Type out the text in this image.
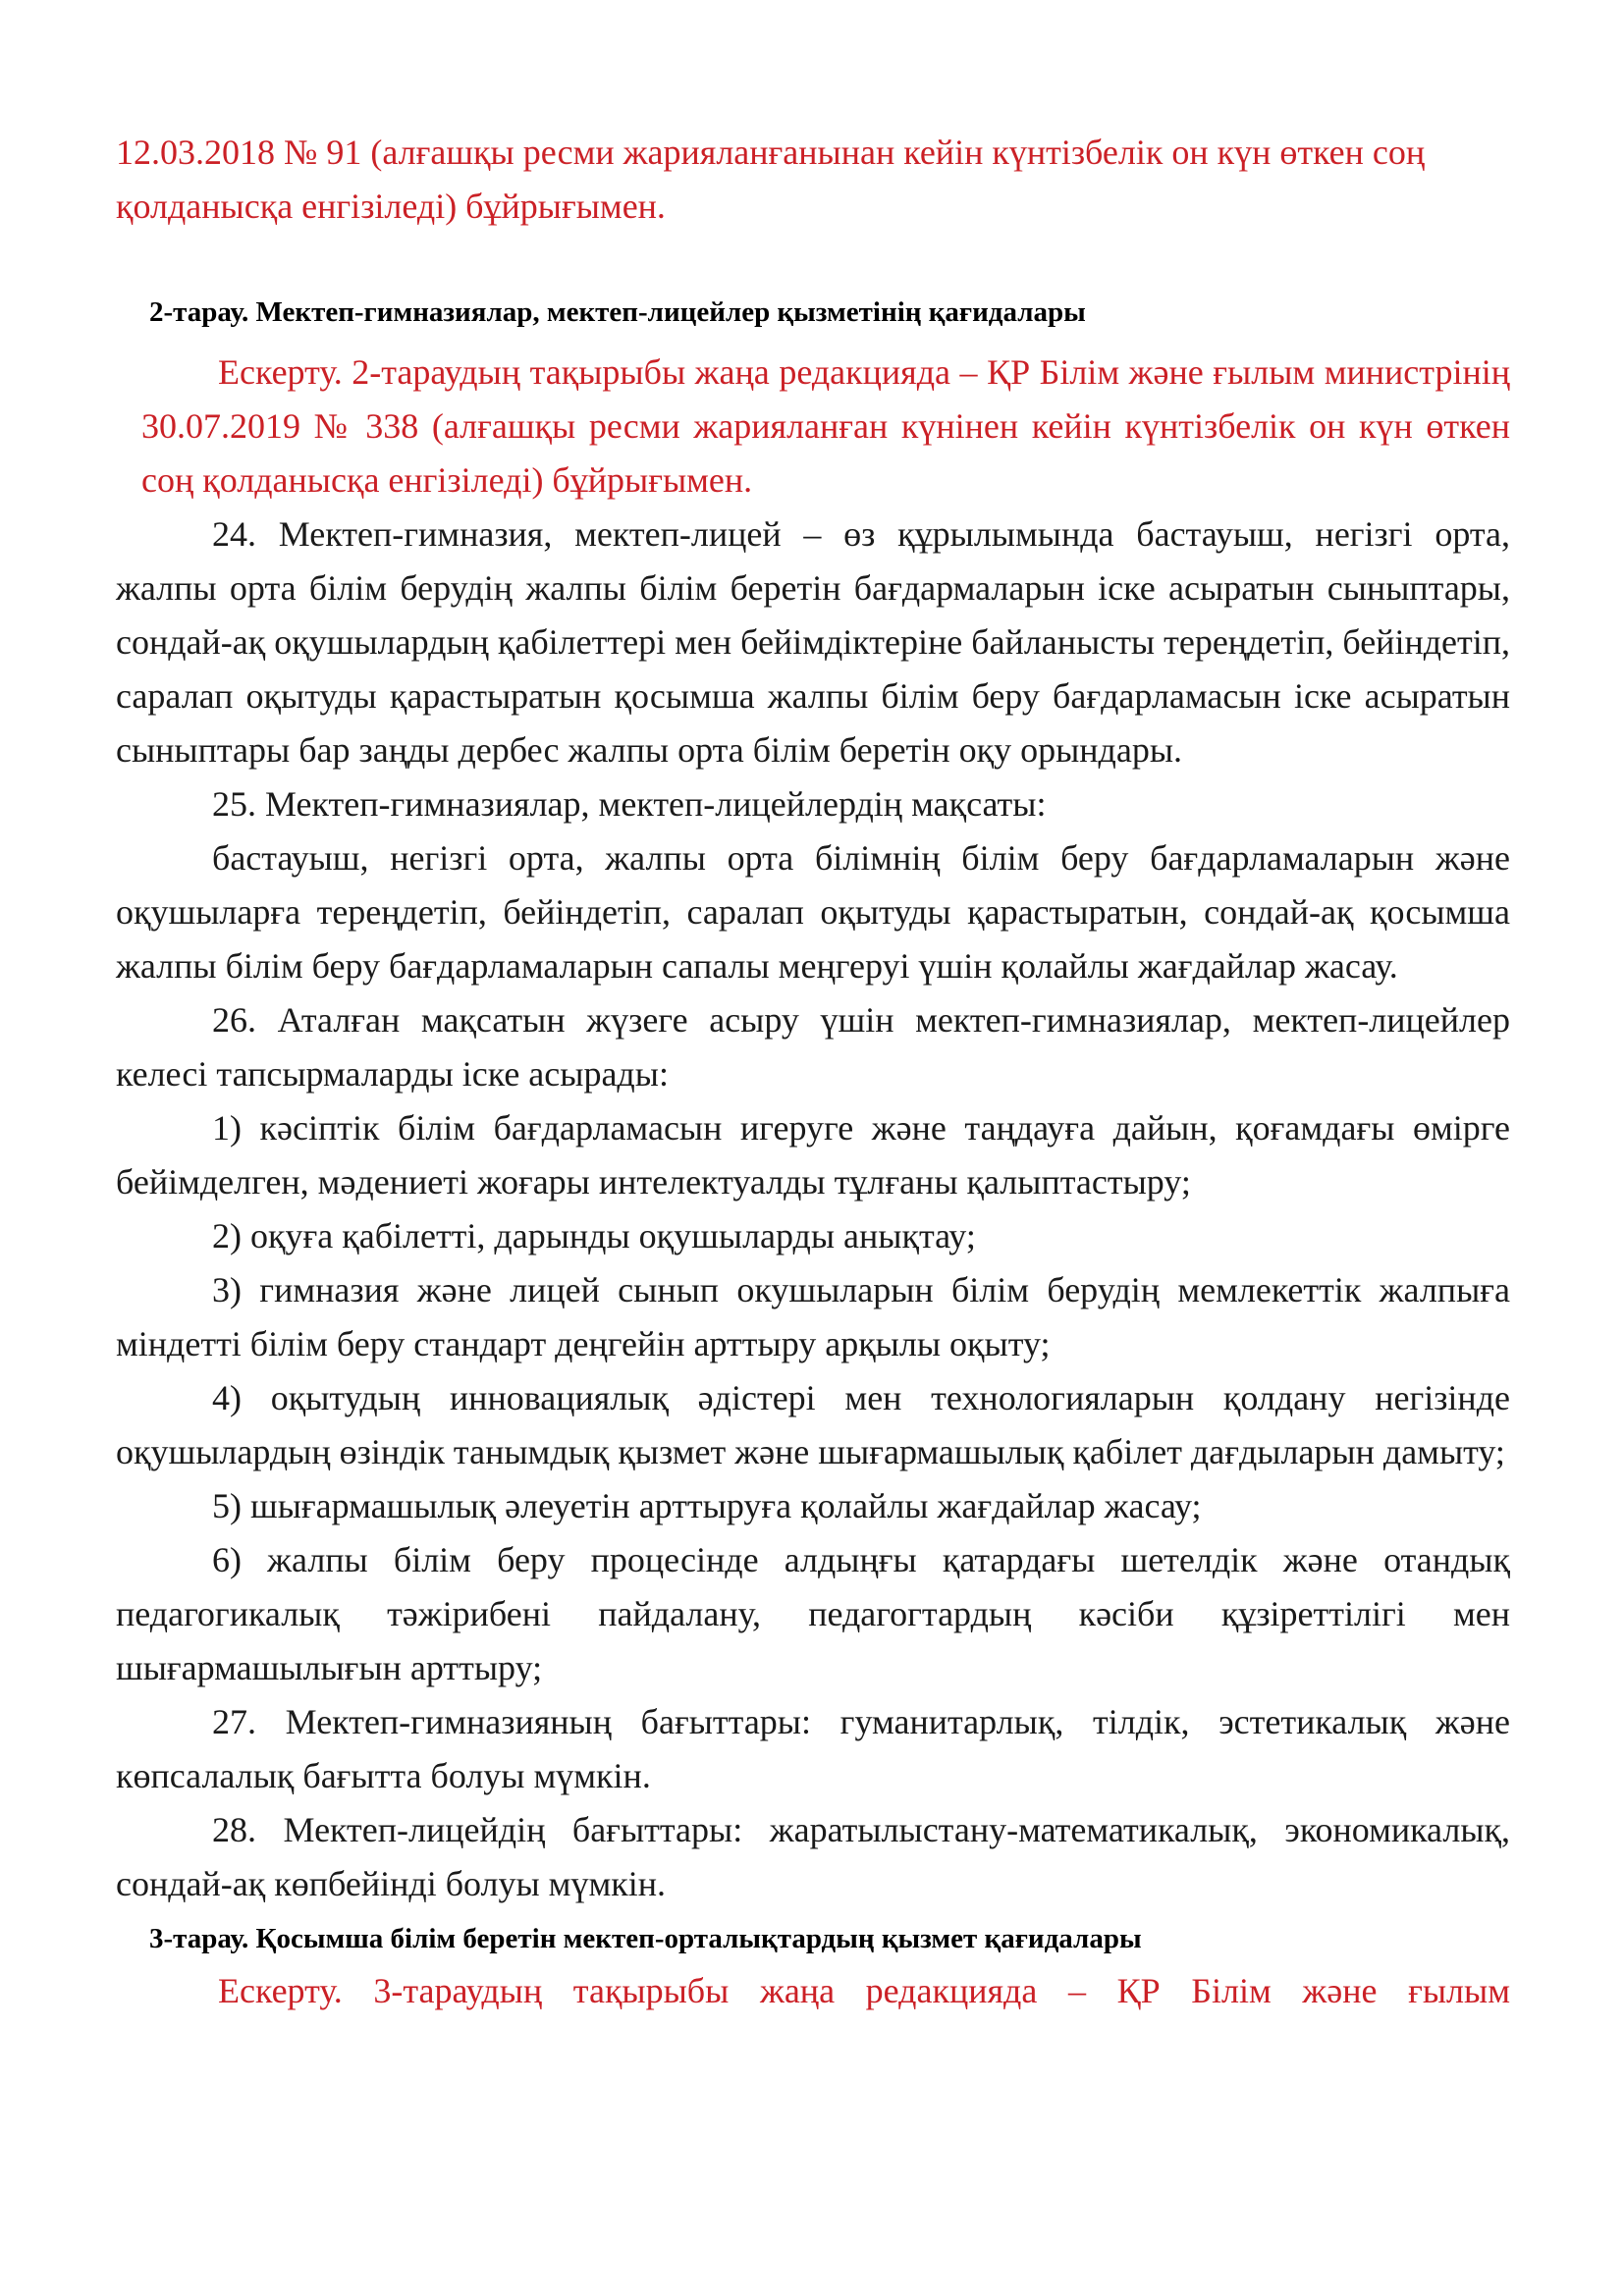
12.03.2018 № 91 (алғашқы ресми жарияланғанынан кейін күнтізбелік он күн өткен соң қолданысқа енгізіледі) бұйрығымен.

2-тарау. Мектеп-гимназиялар, мектеп-лицейлер қызметінің қағидалары

Ескерту. 2-тараудың тақырыбы жаңа редакцияда – ҚР Білім және ғылым министрінің 30.07.2019 № 338 (алғашқы ресми жарияланған күнінен кейін күнтізбелік он күн өткен соң қолданысқа енгізіледі) бұйрығымен.

24. Мектеп-гимназия, мектеп-лицей – өз құрылымында бастауыш, негізгі орта, жалпы орта білім берудің жалпы білім беретін бағдармаларын іске асыратын сыныптары, сондай-ақ оқушылардың қабілеттері мен бейімдіктеріне байланысты тереңдетіп, бейіндетіп, саралап оқытуды қарастыратын қосымша жалпы білім беру бағдарламасын іске асыратын сыныптары бар заңды дербес жалпы орта білім беретін оқу орындары.

25. Мектеп-гимназиялар, мектеп-лицейлердің мақсаты:

бастауыш, негізгі орта, жалпы орта білімнің білім беру бағдарламаларын және оқушыларға тереңдетіп, бейіндетіп, саралап оқытуды қарастыратын, сондай-ақ қосымша жалпы білім беру бағдарламаларын сапалы меңгеруі үшін қолайлы жағдайлар жасау.

26. Аталған мақсатын жүзеге асыру үшін мектеп-гимназиялар, мектеп-лицейлер келесі тапсырмаларды іске асырады:

1) кәсіптік білім бағдарламасын игеруге және таңдауға дайын, қоғамдағы өмірге бейімделген, мәдениеті жоғары интелектуалды тұлғаны қалыптастыру;

2) оқуға қабілетті, дарынды оқушыларды анықтау;

3) гимназия және лицей сынып окушыларын білім берудің мемлекеттік жалпыға міндетті білім беру стандарт деңгейін арттыру арқылы оқыту;

4) оқытудың инновациялық әдістері мен технологияларын қолдану негізінде оқушылардың өзіндік танымдық қызмет және шығармашылық қабілет дағдыларын дамыту;

5) шығармашылық әлеуетін арттыруға қолайлы жағдайлар жасау;

6) жалпы білім беру процесінде алдыңғы қатардағы шетелдік және отандық педагогикалық тәжірибені пайдалану, педагогтардың кәсіби құзіреттілігі мен шығармашылығын арттыру;

27. Мектеп-гимназияның бағыттары: гуманитарлық, тілдік, эстетикалық және көпсалалық бағытта болуы мүмкін.

28. Мектеп-лицейдің бағыттары: жаратылыстану-математикалық, экономикалық, сондай-ақ көпбейінді болуы мүмкін.

3-тарау. Қосымша білім беретін мектеп-орталықтардың қызмет қағидалары

Ескерту. 3-тараудың тақырыбы жаңа редакцияда – ҚР Білім және ғылым
